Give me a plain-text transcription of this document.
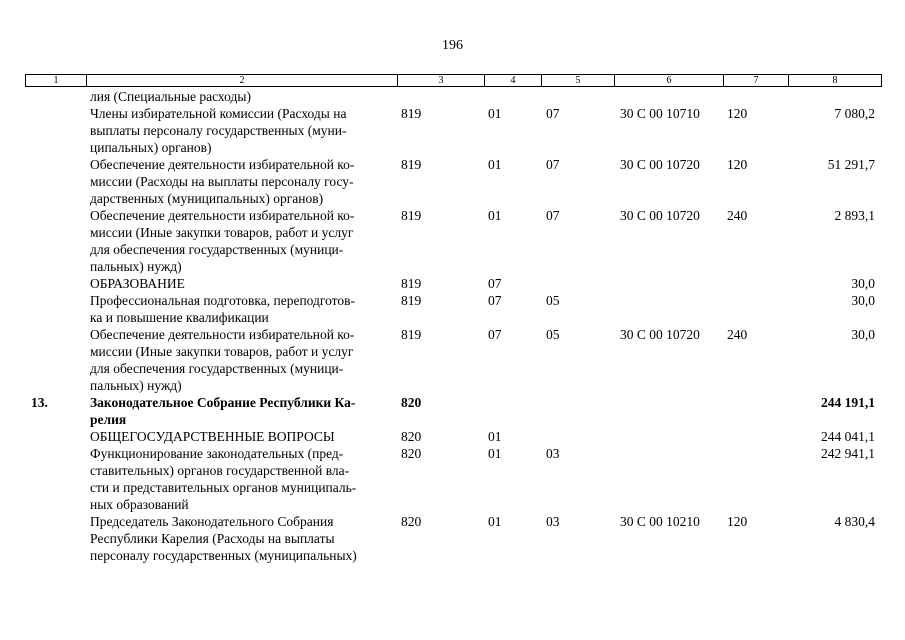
196
1	2	3	4	5	6	7	8

	лия (Специальные расходы)						

	Члены избирательной комиссии (Расходы на
выплаты персоналу государственных (муни-
ципальных) органов)	819	01	07	30 С 00 10710	120	7 080,2

	Обеспечение деятельности избирательной ко-
миссии (Расходы на выплаты персоналу госу-
дарственных (муниципальных) органов)	819	01	07	30 С 00 10720	120	51 291,7

	Обеспечение деятельности избирательной ко-
миссии (Иные закупки товаров, работ и услуг
для обеспечения государственных (муници-
пальных) нужд)	819	01	07	30 С 00 10720	240	2 893,1

	ОБРАЗОВАНИЕ	819	07				30,0

	Профессиональная подготовка, переподготов-
ка и повышение квалификации	819	07	05			30,0

	Обеспечение деятельности избирательной ко-
миссии (Иные закупки товаров, работ и услуг
для обеспечения государственных (муници-
пальных) нужд)	819	07	05	30 С 00 10720	240	30,0
13.	Законодательное Собрание Республики Ка-
релия	820					244 191,1

	ОБЩЕГОСУДАРСТВЕННЫЕ ВОПРОСЫ	820	01				244 041,1

	Функционирование законодательных (пред-
ставительных) органов государственной вла-
сти и представительных органов муниципаль-
ных образований	820	01	03			242 941,1

	Председатель Законодательного Собрания
Республики Карелия (Расходы на выплаты
персоналу государственных (муниципальных)	820	01	03	30 С 00 10210	120	4 830,4
